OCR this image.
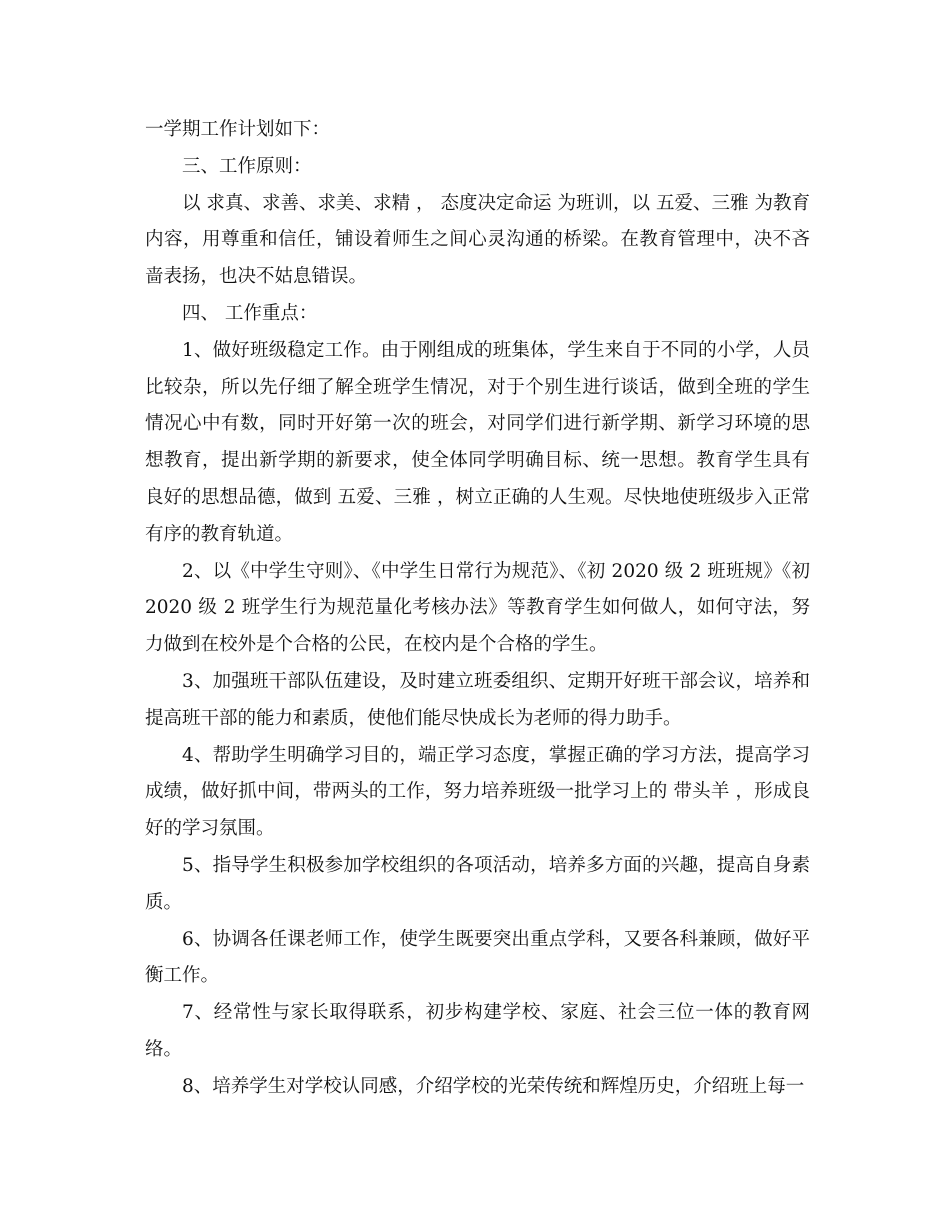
一学期工作计划如下：

三、工作原则：

以 求真、求善、求美、求精 ， 态度决定命运 为班训，以 五爱、三雅 为教育内容，用尊重和信任，铺设着师生之间心灵沟通的桥梁。在教育管理中，决不吝啬表扬，也决不姑息错误。

四、 工作重点：

1、做好班级稳定工作。由于刚组成的班集体，学生来自于不同的小学，人员比较杂，所以先仔细了解全班学生情况，对于个别生进行谈话，做到全班的学生情况心中有数，同时开好第一次的班会，对同学们进行新学期、新学习环境的思想教育，提出新学期的新要求，使全体同学明确目标、统一思想。教育学生具有良好的思想品德，做到 五爱、三雅 ，树立正确的人生观。尽快地使班级步入正常有序的教育轨道。

2、以《中学生守则》、《中学生日常行为规范》、《初 2020 级 2 班班规》《初 2020 级 2 班学生行为规范量化考核办法》等教育学生如何做人，如何守法，努力做到在校外是个合格的公民，在校内是个合格的学生。

3、加强班干部队伍建设，及时建立班委组织、定期开好班干部会议，培养和提高班干部的能力和素质，使他们能尽快成长为老师的得力助手。

4、帮助学生明确学习目的，端正学习态度，掌握正确的学习方法，提高学习成绩，做好抓中间，带两头的工作，努力培养班级一批学习上的 带头羊 ，形成良好的学习氛围。

5、指导学生积极参加学校组织的各项活动，培养多方面的兴趣，提高自身素质。

6、协调各任课老师工作，使学生既要突出重点学科，又要各科兼顾，做好平衡工作。

7、经常性与家长取得联系，初步构建学校、家庭、社会三位一体的教育网络。

8、培养学生对学校认同感，介绍学校的光荣传统和辉煌历史，介绍班上每一
